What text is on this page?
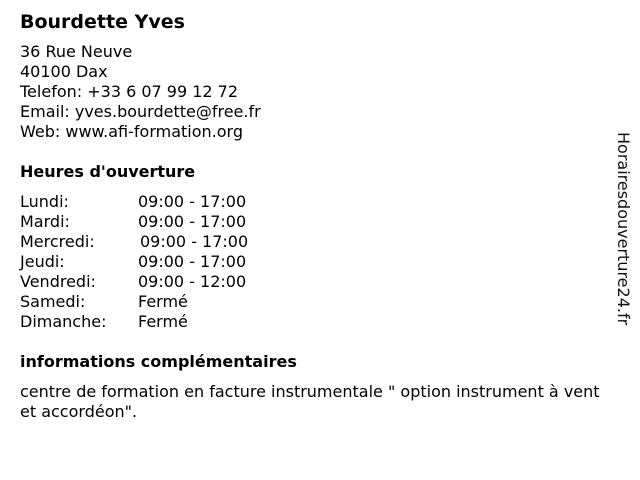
Bourdette Yves
36 Rue Neuve
40100 Dax
Telefon: +33 6 07 99 12 72
Email: yves.bourdette@free.fr
Web: www.afi-formation.org
Heures d'ouverture
Lundi:	09:00 - 17:00
Mardi:	09:00 - 17:00
Mercredi:	09:00 - 17:00
Jeudi:	09:00 - 17:00
Vendredi:	09:00 - 12:00
Samedi:	Fermé
Dimanche:	Fermé
informations complémentaires
centre de formation en facture instrumentale " option instrument à vent et accordéon".
Horairesdouverture24.fr
